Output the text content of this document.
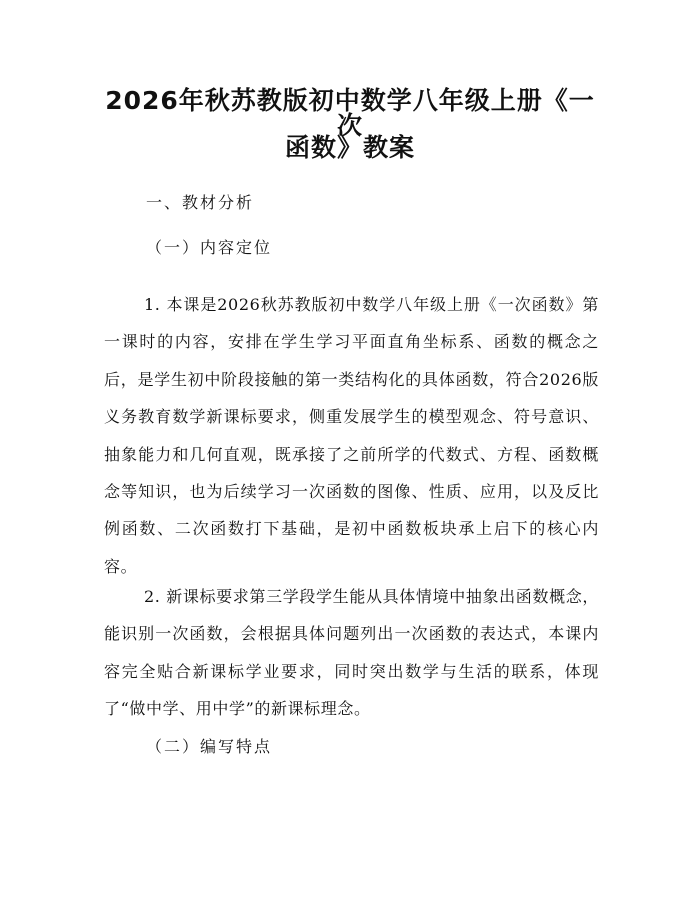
2026年秋苏教版初中数学八年级上册《一次
函数》教案

一、教材分析

（一）内容定位

1. 本课是2026秋苏教版初中数学八年级上册《一次函数》第一课时的内容，安排在学生学习平面直角坐标系、函数的概念之后，是学生初中阶段接触的第一类结构化的具体函数，符合2026版义务教育数学新课标要求，侧重发展学生的模型观念、符号意识、抽象能力和几何直观，既承接了之前所学的代数式、方程、函数概念等知识，也为后续学习一次函数的图像、性质、应用，以及反比例函数、二次函数打下基础，是初中函数板块承上启下的核心内容。

2. 新课标要求第三学段学生能从具体情境中抽象出函数概念，能识别一次函数，会根据具体问题列出一次函数的表达式，本课内容完全贴合新课标学业要求，同时突出数学与生活的联系，体现了“做中学、用中学”的新课标理念。

（二）编写特点
